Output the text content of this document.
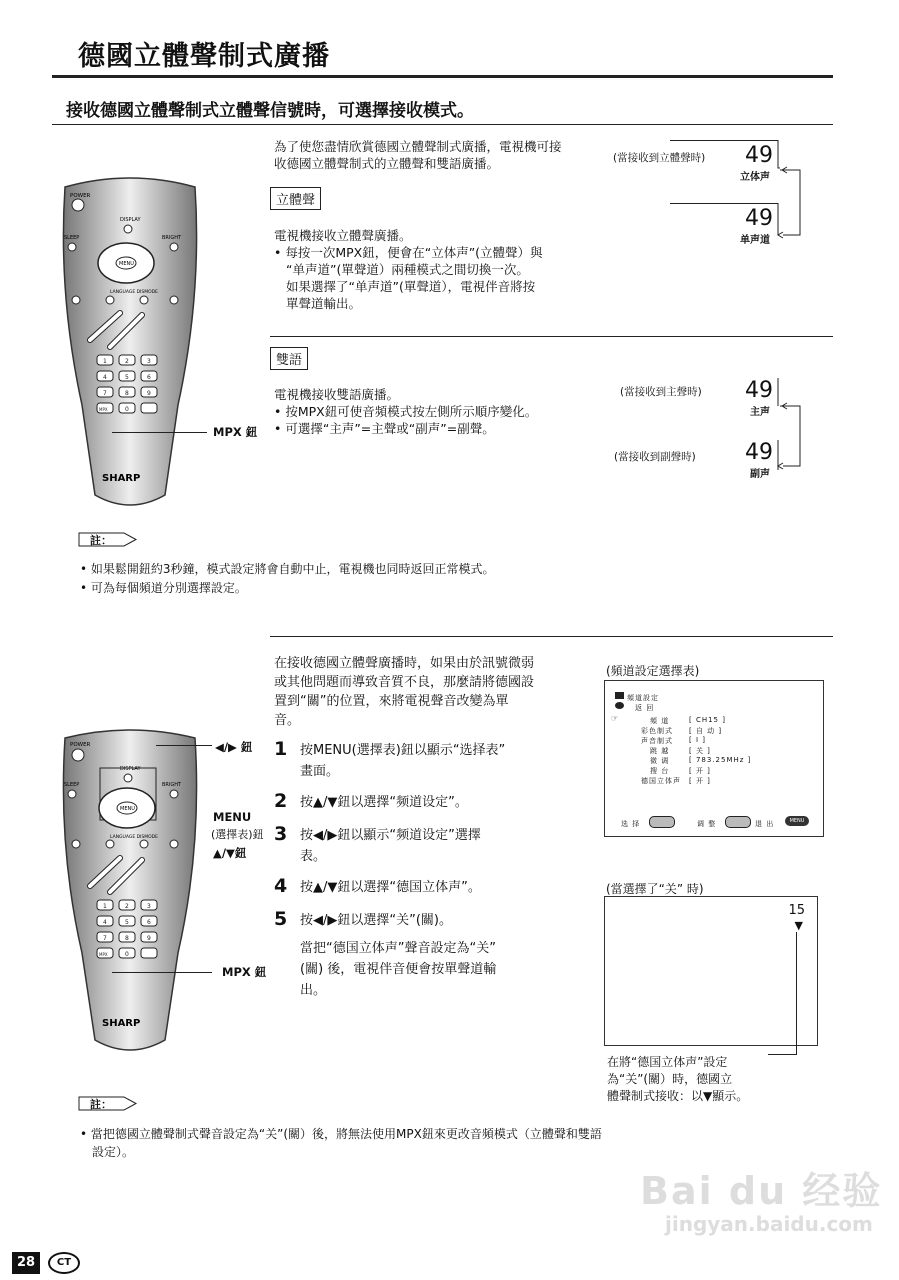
德國立體聲制式廣播
接收德國立體聲制式立體聲信號時，可選擇接收模式。
POWER
DISPLAY
SLEEP	BRIGHT
MENU
LANGUAGE DISMODE
1	2	3
4	5	6
7	8	9
MPX	0
SHARP
MPX 鈕
為了使您盡情欣賞德國立體聲制式廣播，電視機可接
收德國立體聲制式的立體聲和雙語廣播。
立體聲
電視機接收立體聲廣播。
• 每按一次MPX鈕，便會在“立体声”(立體聲）與
“单声道”(單聲道）兩種模式之間切換一次。
如果選擇了“单声道”(單聲道），電視伴音將按
單聲道輸出。
(當接收到立體聲時) 49
立体声
49
单声道
雙語
電視機接收雙語廣播。
• 按MPX鈕可使音頻模式按左側所示順序變化。
• 可選擇“主声”=主聲或“副声”=副聲。
(當接收到主聲時) 49
主声
(當接收到副聲時) 49
副声
註：
• 如果鬆開鈕約3秒鐘，模式設定將會自動中止，電視機也同時返回正常模式。
• 可為每個頻道分別選擇設定。
在接收德國立體聲廣播時，如果由於訊號微弱
或其他問題而導致音質不良，那麼請將德國設
置到“關”的位置，來將電視聲音改變為單
音。
POWER
DISPLAY
SLEEP	BRIGHT
MENU
LANGUAGE DISMODE
1	2	3
4	5	6
7	8	9
MPX	0
SHARP
◀/▶ 鈕
MENU
(選擇表)鈕
▲/▼鈕
MPX 鈕
1 按MENU(選擇表)鈕以顯示“选择表”
畫面。
2 按▲/▼鈕以選擇“频道设定”。
3 按◀/▶鈕以顯示“频道设定”選擇
表。
4 按▲/▼鈕以選擇“德国立体声”。
5 按◀/▶鈕以選擇“关”(關)。
當把“德国立体声”聲音設定為“关”
(關) 後，電視伴音便會按單聲道輸
出。
(頻道設定選擇表)
頻道設定
返 回
☞	頻 道	[ CH15 ]
彩色制式 [ 自 动 ]
声音制式 [ I ]
跳 越	[ 关 ]
微 调	[ 783.25MHz ]
搜 台	[ 开 ]
德国立体声 [ 开 ]
选 择	调 整	退 出	MENU
(當選擇了“关” 時)
15
▼
在將“德国立体声”設定
為“关”(關）時，德國立
體聲制式接收：以▼顯示。
註：
• 當把德國立體聲制式聲音設定為“关”(關）後，將無法使用MPX鈕來更改音頻模式（立體聲和雙語
設定）。
Bai du 经验
jingyan.baidu.com
28	CT
